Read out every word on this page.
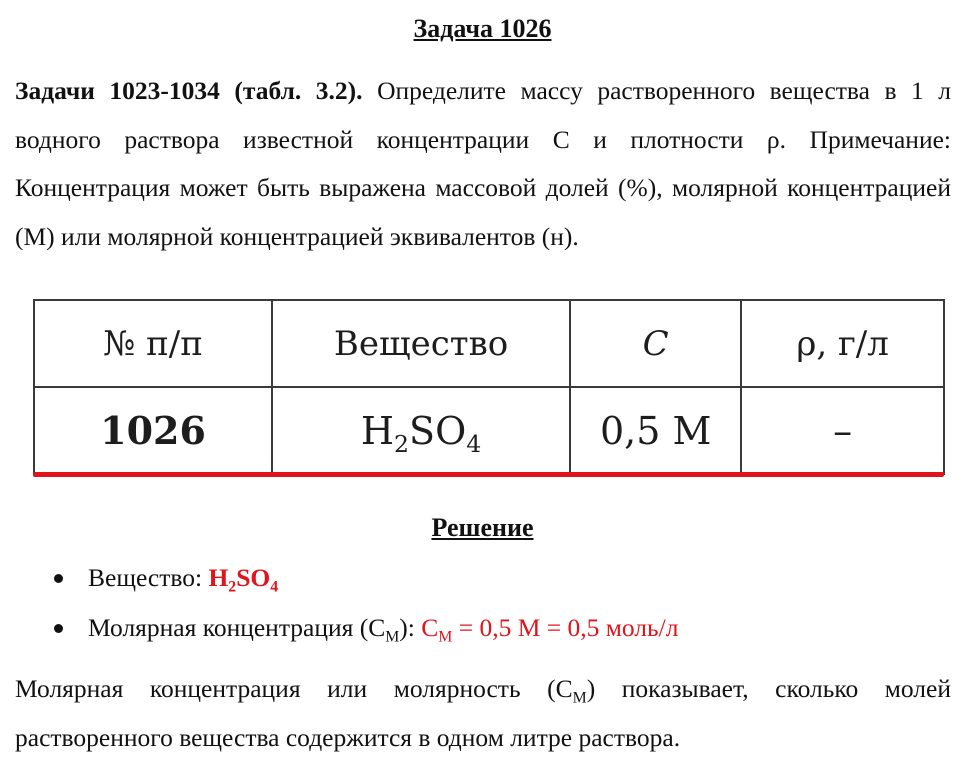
Задача 1026

Задачи 1023-1034 (табл. 3.2). Определите массу растворенного вещества в 1 л водного раствора известной концентрации С и плотности ρ. Примечание: Концентрация может быть выражена массовой долей (%), молярной концентрацией (М) или молярной концентрацией эквивалентов (н).

№ п/п	Вещество	C	ρ, г/л
1026	$H_2SO_4$	0,5 М	–
Решение
Вещество: $H_2SO_4$
Молярная концентрация $(С_М)$: $С_М = 0,5$ М = 0,5 моль/л

Молярная концентрация или молярность $(С_М)$ показывает, сколько молей растворенного вещества содержится в одном литре раствора.
